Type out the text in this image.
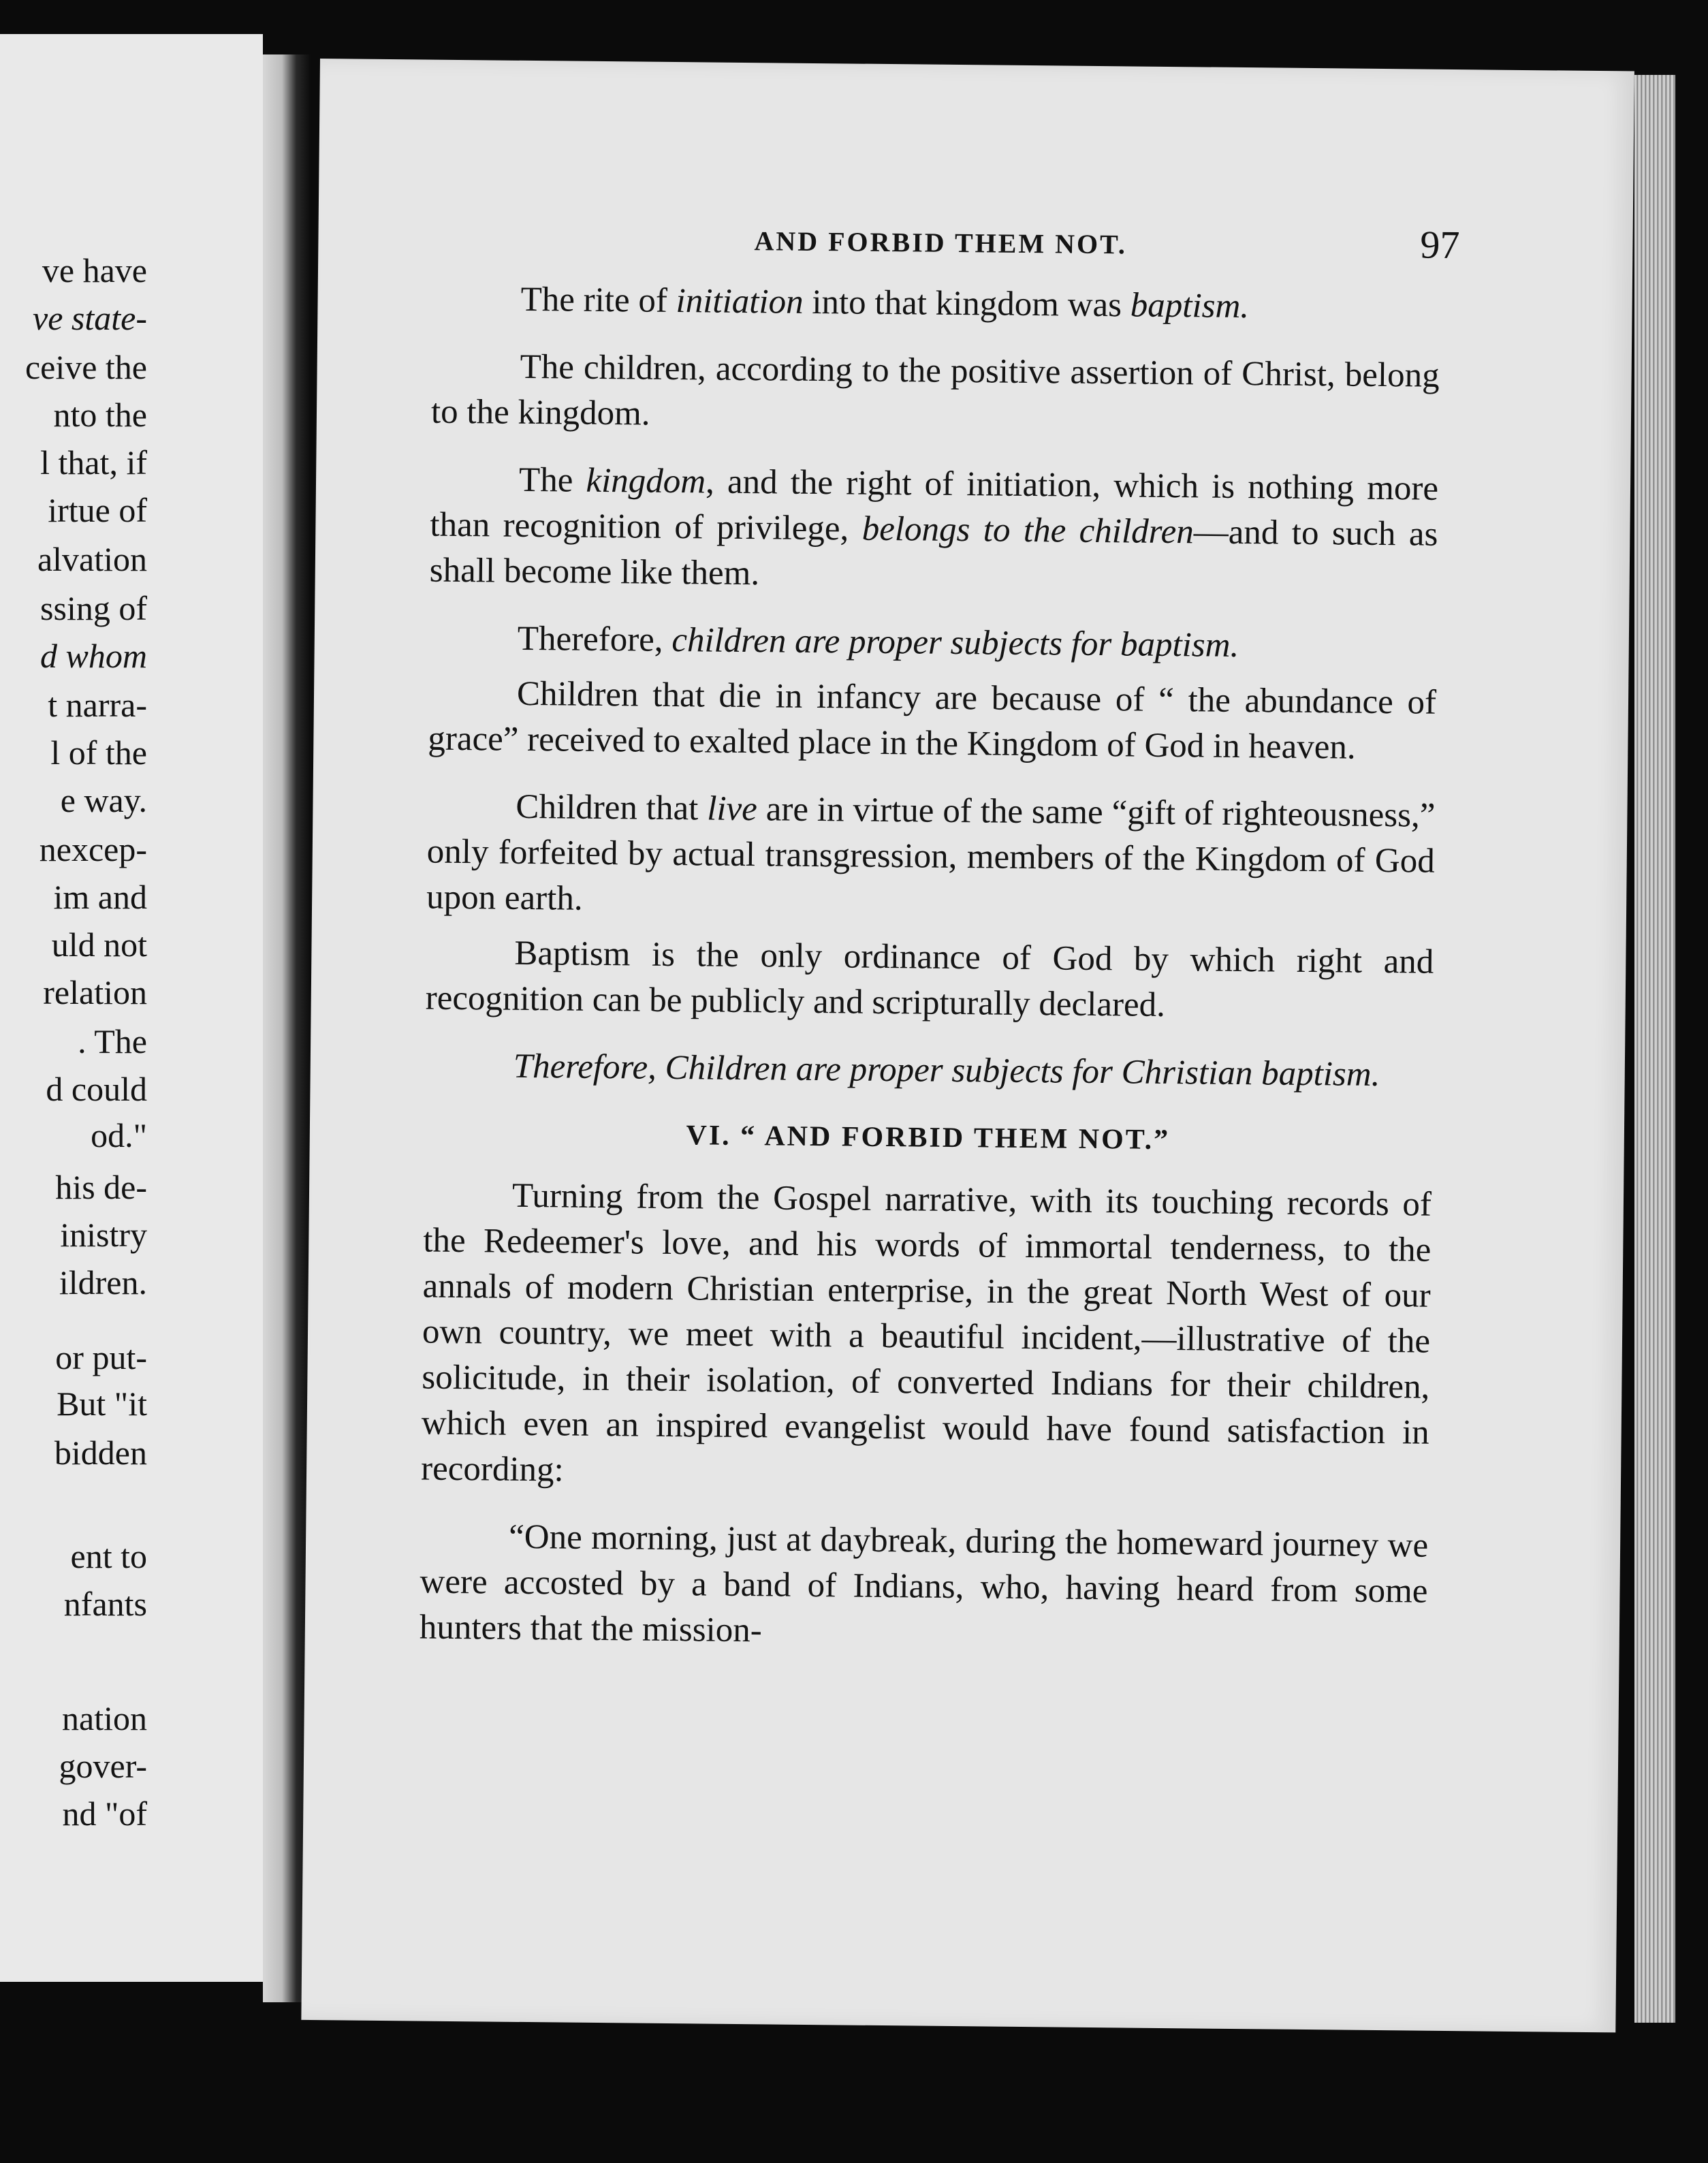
ve have
ve state-
ceive the
nto the
l that, if
irtue of
alvation
ssing of
d whom
t narra-
l of the
e way.
nexcep-
im and
uld not
relation
. The
d could
od."
his de-
inistry
ildren.
or put-
But "it
bidden
ent to
nfants
nation
gover-
nd "of
AND FORBID THEM NOT.	97

The rite of initiation into that kingdom was baptism.

The children, according to the positive assertion of Christ, belong to the kingdom.

The kingdom, and the right of initiation, which is nothing more than recognition of privilege, belongs to the children—and to such as shall become like them.

Therefore, children are proper subjects for baptism.

Children that die in infancy are because of “ the abundance of grace” received to exalted place in the Kingdom of God in heaven.

Children that live are in virtue of the same “gift of righteousness,” only forfeited by actual transgression, members of the Kingdom of God upon earth.

Baptism is the only ordinance of God by which right and recognition can be publicly and scripturally declared.

Therefore, Children are proper subjects for Christian baptism.

VI. “ AND FORBID THEM NOT.”

Turning from the Gospel narrative, with its touching records of the Redeemer's love, and his words of immortal tenderness, to the annals of modern Christian enterprise, in the great North West of our own country, we meet with a beautiful incident,—illustrative of the solicitude, in their isolation, of converted Indians for their children, which even an inspired evangelist would have found satisfaction in recording:

“One morning, just at daybreak, during the homeward journey we were accosted by a band of Indians, who, having heard from some hunters that the mission-
